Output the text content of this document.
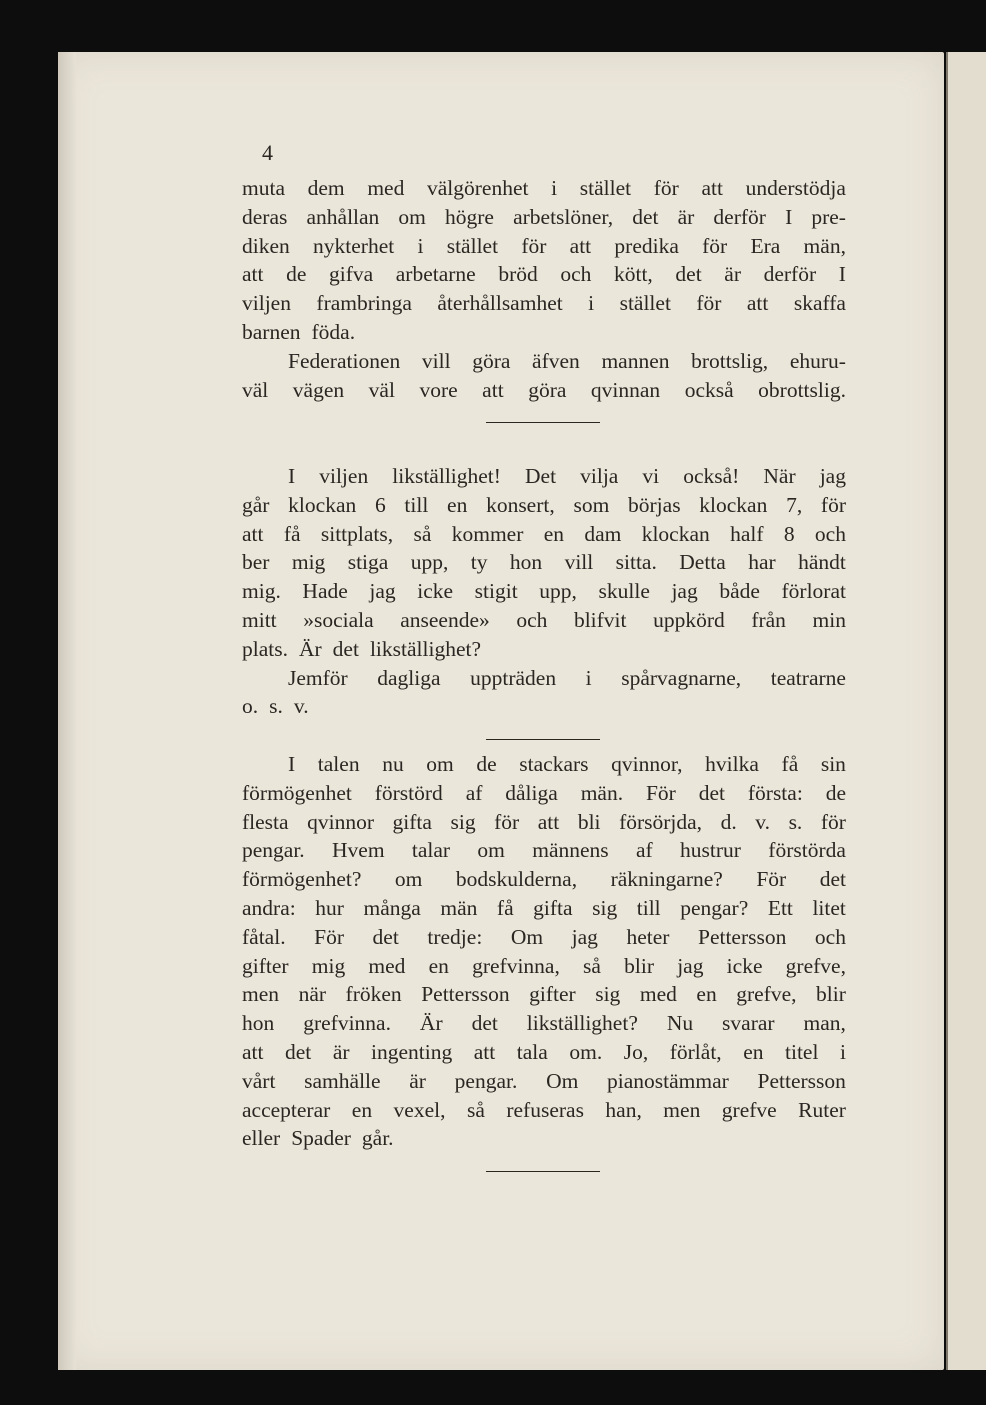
4
muta dem med välgörenhet i stället för att understödja
deras anhållan om högre arbetslöner, det är derför I pre-
diken nykterhet i stället för att predika för Era män,
att de gifva arbetarne bröd och kött, det är derför I
viljen frambringa återhållsamhet i stället för att skaffa
barnen föda.
Federationen vill göra äfven mannen brottslig, ehuru-
väl vägen väl vore att göra qvinnan också obrottslig.
I viljen likställighet! Det vilja vi också! När jag
går klockan 6 till en konsert, som börjas klockan 7, för
att få sittplats, så kommer en dam klockan half 8 och
ber mig stiga upp, ty hon vill sitta. Detta har händt
mig. Hade jag icke stigit upp, skulle jag både förlorat
mitt »sociala anseende» och blifvit uppkörd från min
plats. Är det likställighet?
Jemför dagliga uppträden i spårvagnarne, teatrarne
o. s. v.
I talen nu om de stackars qvinnor, hvilka få sin
förmögenhet förstörd af dåliga män. För det första: de
flesta qvinnor gifta sig för att bli försörjda, d. v. s. för
pengar. Hvem talar om männens af hustrur förstörda
förmögenhet? om bodskulderna, räkningarne? För det
andra: hur många män få gifta sig till pengar? Ett litet
fåtal. För det tredje: Om jag heter Pettersson och
gifter mig med en grefvinna, så blir jag icke grefve,
men när fröken Pettersson gifter sig med en grefve, blir
hon grefvinna. Är det likställighet? Nu svarar man,
att det är ingenting att tala om. Jo, förlåt, en titel i
vårt samhälle är pengar. Om pianostämmar Pettersson
accepterar en vexel, så refuseras han, men grefve Ruter
eller Spader går.
